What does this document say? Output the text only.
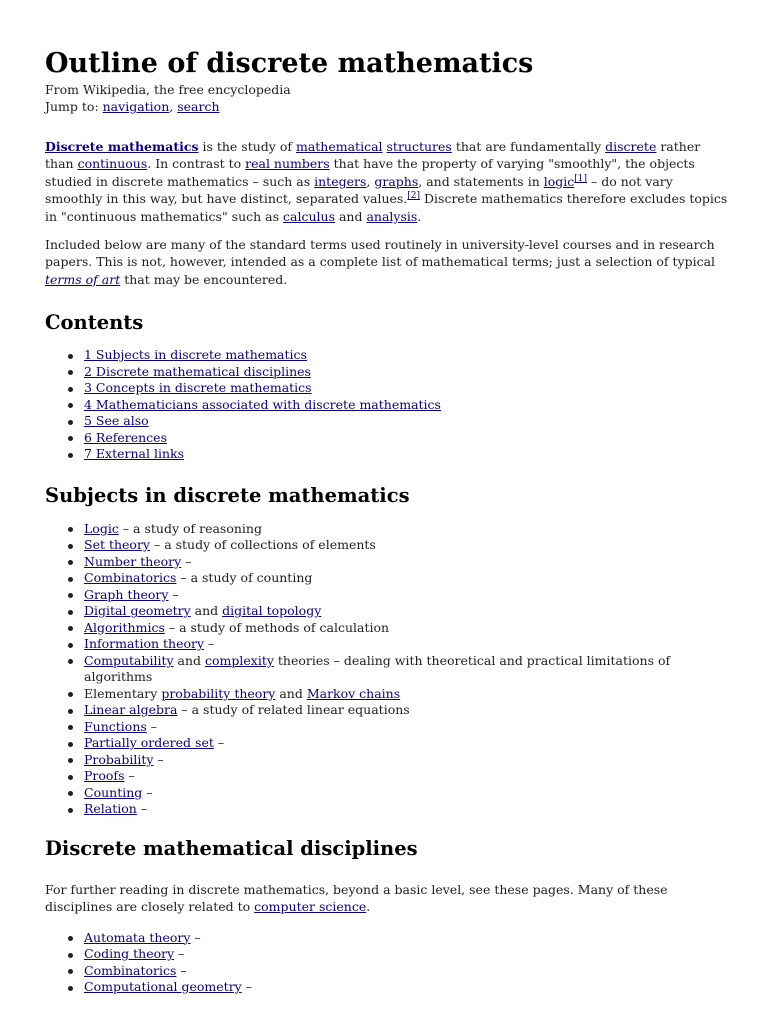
Outline of discrete mathematics
From Wikipedia, the free encyclopedia
Jump to: navigation, search

Discrete mathematics is the study of mathematical structures that are fundamentally discrete rather than continuous. In contrast to real numbers that have the property of varying "smoothly", the objects studied in discrete mathematics – such as integers, graphs, and statements in logic[1] – do not vary smoothly in this way, but have distinct, separated values.[2] Discrete mathematics therefore excludes topics in "continuous mathematics" such as calculus and analysis.

Included below are many of the standard terms used routinely in university-level courses and in research papers. This is not, however, intended as a complete list of mathematical terms; just a selection of typical terms of art that may be encountered.

Contents
1 Subjects in discrete mathematics
2 Discrete mathematical disciplines
3 Concepts in discrete mathematics
4 Mathematicians associated with discrete mathematics
5 See also
6 References
7 External links
Subjects in discrete mathematics
Logic – a study of reasoning
Set theory – a study of collections of elements
Number theory –
Combinatorics – a study of counting
Graph theory –
Digital geometry and digital topology
Algorithmics – a study of methods of calculation
Information theory –
Computability and complexity theories – dealing with theoretical and practical limitations of algorithms
Elementary probability theory and Markov chains
Linear algebra – a study of related linear equations
Functions –
Partially ordered set –
Probability –
Proofs –
Counting –
Relation –
Discrete mathematical disciplines

For further reading in discrete mathematics, beyond a basic level, see these pages. Many of these disciplines are closely related to computer science.

Automata theory –
Coding theory –
Combinatorics –
Computational geometry –
